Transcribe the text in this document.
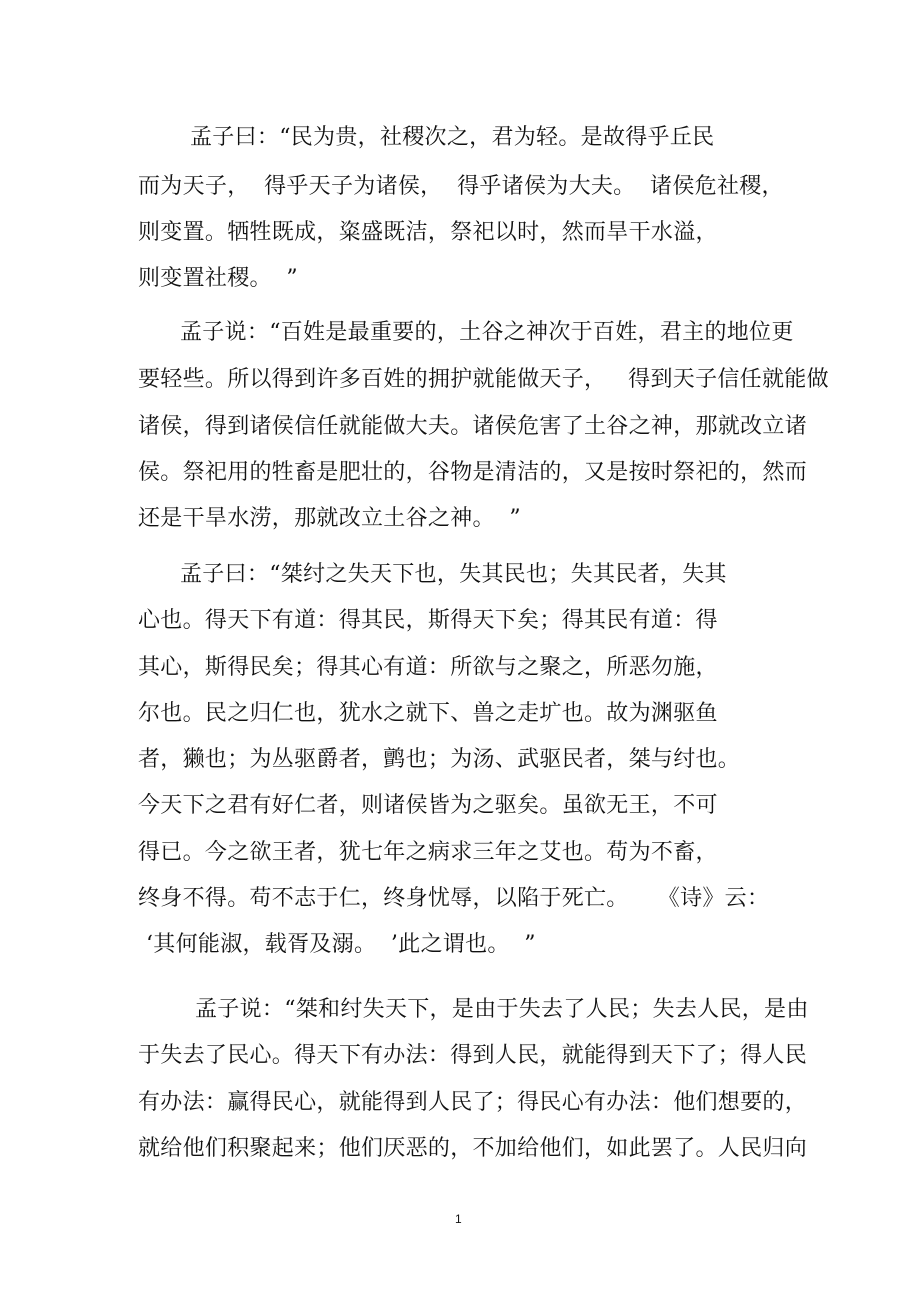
孟子曰：“民为贵，社稷次之，君为轻。是故得乎丘民
而为天子，  得乎天子为诸侯，  得乎诸侯为大夫。  诸侯危社稷，
则变置。牺牲既成，粢盛既洁，祭祀以时，然而旱干水溢，
则变置社稷。  ”
孟子说：“百姓是最重要的，土谷之神次于百姓，君主的地位更
要轻些。所以得到许多百姓的拥护就能做天子，   得到天子信任就能做
诸侯，得到诸侯信任就能做大夫。诸侯危害了土谷之神，那就改立诸
侯。祭祀用的牲畜是肥壮的，谷物是清洁的，又是按时祭祀的，然而
还是干旱水涝，那就改立土谷之神。  ”
孟子曰：“桀纣之失天下也，失其民也；失其民者，失其
心也。得天下有道：得其民，斯得天下矣；得其民有道：得
其心，斯得民矣；得其心有道：所欲与之聚之，所恶勿施，
尔也。民之归仁也，犹水之就下、兽之走圹也。故为渊驱鱼
者，獭也；为丛驱爵者，鹯也；为汤、武驱民者，桀与纣也。
今天下之君有好仁者，则诸侯皆为之驱矣。虽欲无王，不可
得已。今之欲王者，犹七年之病求三年之艾也。苟为不畜，
终身不得。苟不志于仁，终身忧辱，以陷于死亡。    《诗》云：
‘其何能淑，载胥及溺。  ’此之谓也。  ”
孟子说：“桀和纣失天下，是由于失去了人民；失去人民，是由
于失去了民心。得天下有办法：得到人民，就能得到天下了；得人民
有办法：赢得民心，就能得到人民了；得民心有办法：他们想要的，
就给他们积聚起来；他们厌恶的，不加给他们，如此罢了。人民归向
1
